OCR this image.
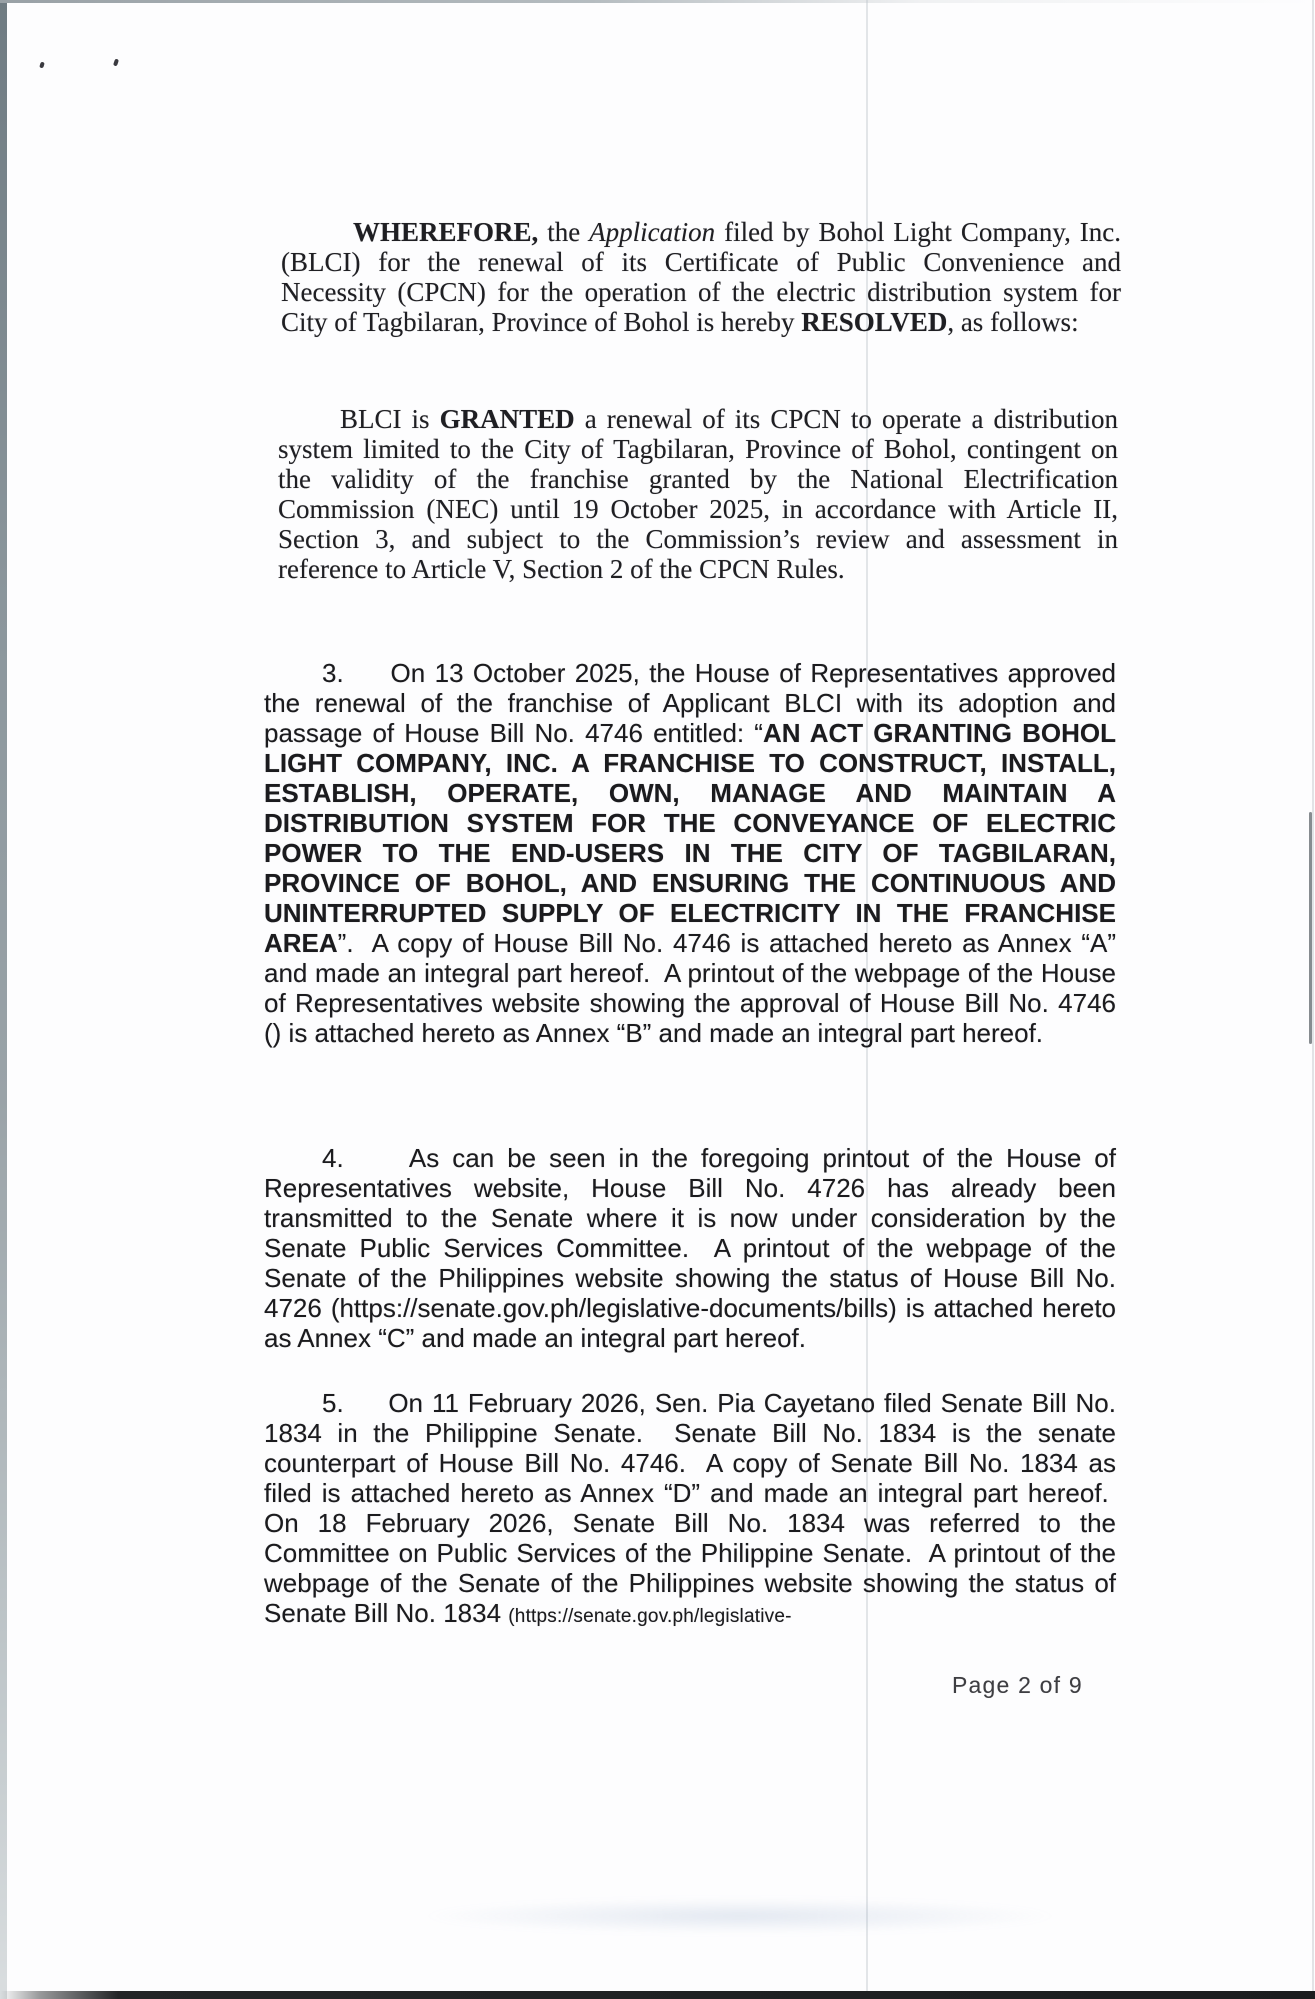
WHEREFORE, the Application filed by Bohol Light Company, Inc. (BLCI) for the renewal of its Certificate of Public Convenience and Necessity (CPCN) for the operation of the electric distribution system for City of Tagbilaran, Province of Bohol is hereby RESOLVED, as follows:

BLCI is GRANTED a renewal of its CPCN to operate a distribution system limited to the City of Tagbilaran, Province of Bohol, contingent on the validity of the franchise granted by the National Electrification Commission (NEC) until 19 October 2025, in accordance with Article II, Section 3, and subject to the Commission’s review and assessment in reference to Article V, Section 2 of the CPCN Rules.

3.     On 13 October 2025, the House of Representatives approved the renewal of the franchise of Applicant BLCI with its adoption and passage of House Bill No. 4746 entitled: “AN ACT GRANTING BOHOL LIGHT COMPANY, INC. A FRANCHISE TO CONSTRUCT, INSTALL, ESTABLISH, OPERATE, OWN, MANAGE AND MAINTAIN A DISTRIBUTION SYSTEM FOR THE CONVEYANCE OF ELECTRIC POWER TO THE END-USERS IN THE CITY OF TAGBILARAN, PROVINCE OF BOHOL, AND ENSURING THE CONTINUOUS AND UNINTERRUPTED SUPPLY OF ELECTRICITY IN THE FRANCHISE AREA”.  A copy of House Bill No. 4746 is attached hereto as Annex “A” and made an integral part hereof.  A printout of the webpage of the House of Representatives website showing the approval of House Bill No. 4746 () is attached hereto as Annex “B” and made an integral part hereof.

4.     As can be seen in the foregoing printout of the House of Representatives website, House Bill No. 4726 has already been transmitted to the Senate where it is now under consideration by the Senate Public Services Committee.  A printout of the webpage of the Senate of the Philippines website showing the status of House Bill No. 4726 (https://senate.gov.ph/legislative-documents/bills) is attached hereto as Annex “C” and made an integral part hereof.

5.     On 11 February 2026, Sen. Pia Cayetano filed Senate Bill No. 1834 in the Philippine Senate.  Senate Bill No. 1834 is the senate counterpart of House Bill No. 4746.  A copy of Senate Bill No. 1834 as filed is attached hereto as Annex “D” and made an integral part hereof.  On 18 February 2026, Senate Bill No. 1834 was referred to the Committee on Public Services of the Philippine Senate.  A printout of the webpage of the Senate of the Philippines website showing the status of Senate Bill No. 1834 (https://senate.gov.ph/legislative-

Page 2 of 9
